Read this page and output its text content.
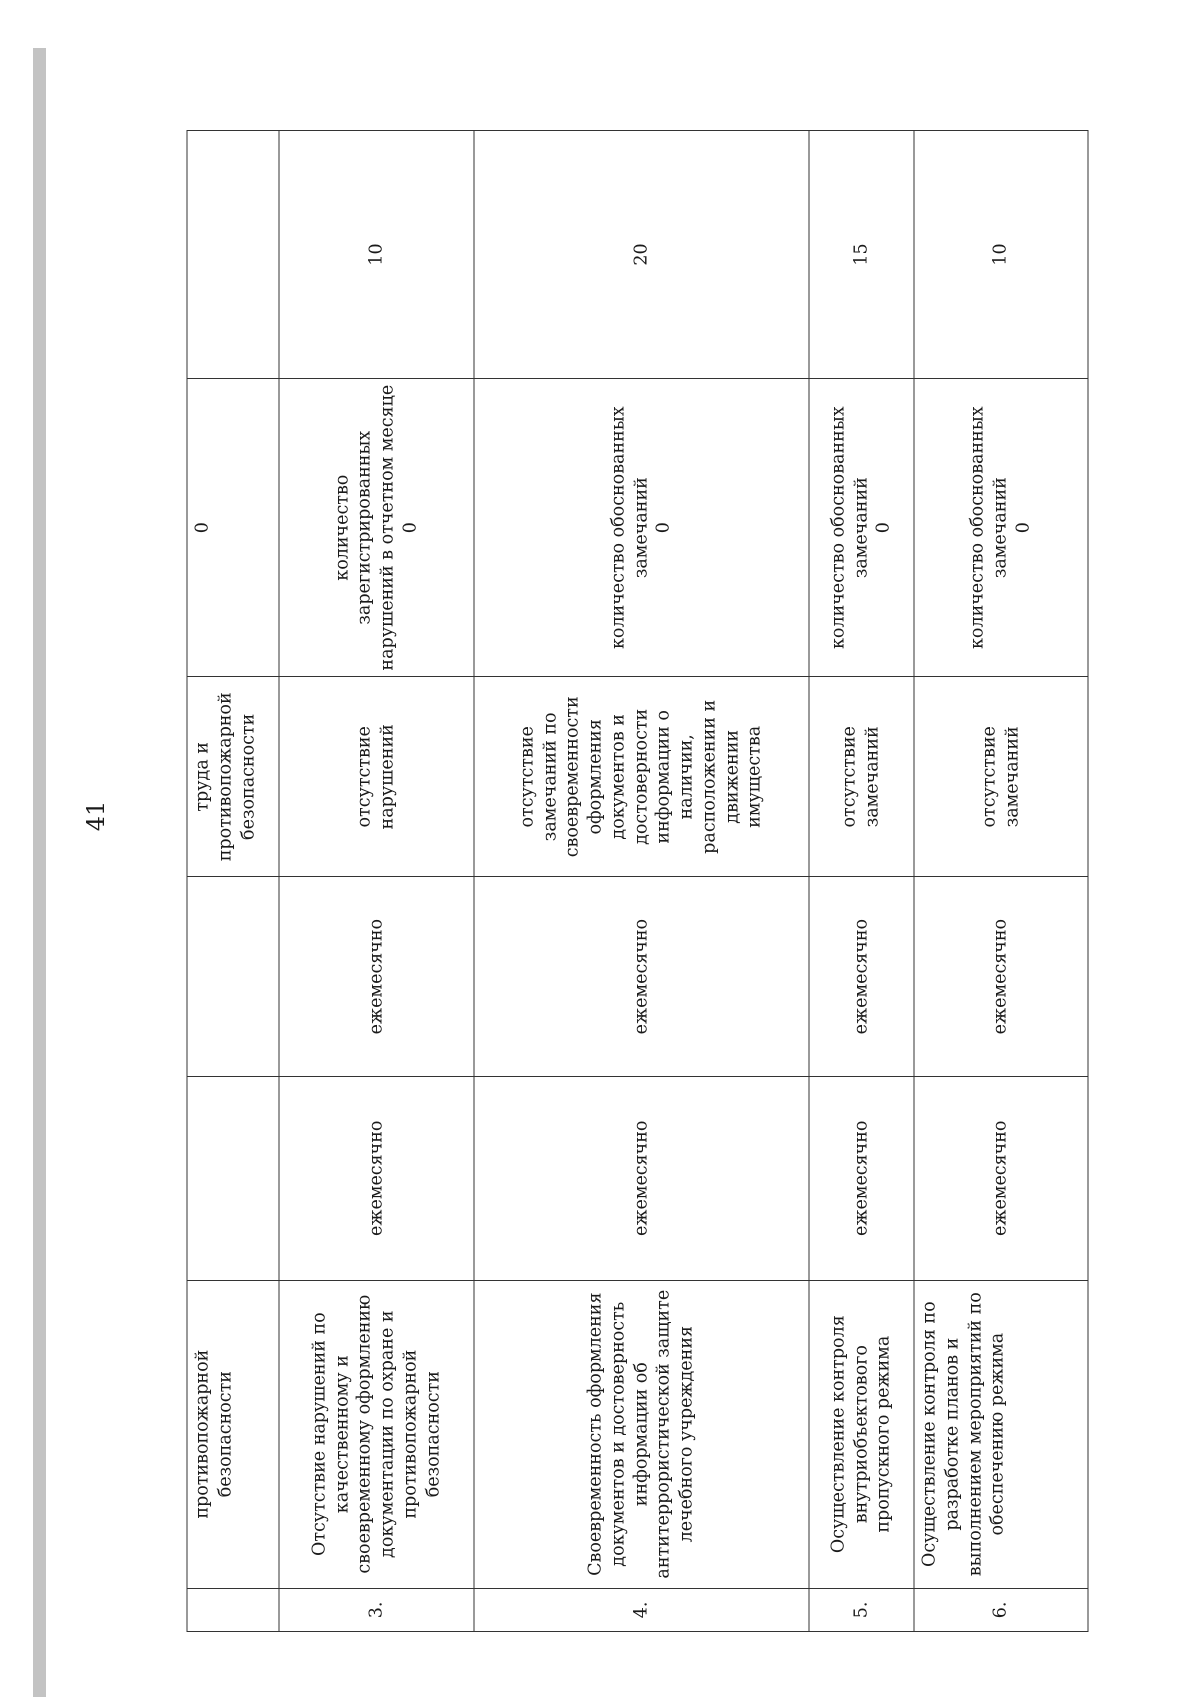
41
	противопожарной безопасности			труда и противопожарной безопасности	0	
3.	Отсутствие нарушений по качественному и своевременному оформлению документации по охране и противопожарной безопасности	ежемесячно	ежемесячно	отсутствие нарушений	количество зарегистрированных нарушений в отчетном месяце 0	10
4.	Своевременность оформления документов и достоверность информации об антитеррористической защите лечебного учреждения	ежемесячно	ежемесячно	отсутствие замечаний по своевременности оформления документов и достоверности информации о наличии, расположении и движении имущества	количество обоснованных замечаний 0	20
5.	Осуществление контроля внутриобъектового пропускного режима	ежемесячно	ежемесячно	отсутствие замечаний	количество обоснованных замечаний 0	15
6.	Осуществление контроля по разработке планов и выполнением мероприятий по обеспечению режима	ежемесячно	ежемесячно	отсутствие замечаний	количество обоснованных замечаний 0	10
